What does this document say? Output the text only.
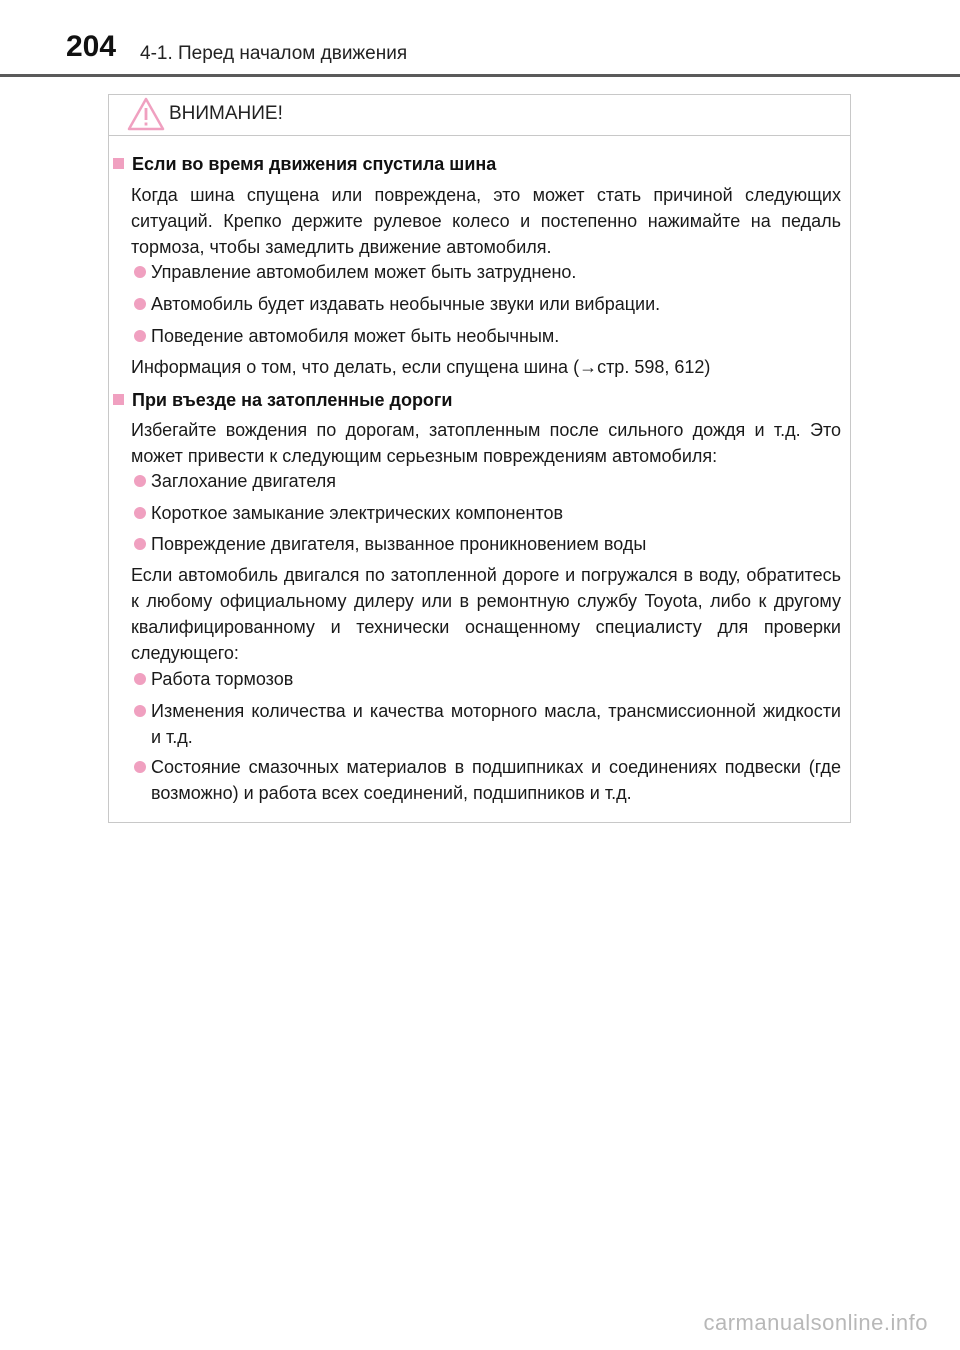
204 4-1. Перед началом движения
ВНИМАНИЕ!
Если во время движения спустила шина
Когда шина спущена или повреждена, это может стать причиной следующих ситуаций. Крепко держите рулевое колесо и постепенно нажимайте на педаль тормоза, чтобы замедлить движение автомобиля.
Управление автомобилем может быть затруднено.
Автомобиль будет издавать необычные звуки или вибрации.
Поведение автомобиля может быть необычным.
Информация о том, что делать, если спущена шина (→стр. 598, 612)
При въезде на затопленные дороги
Избегайте вождения по дорогам, затопленным после сильного дождя и т.д. Это может привести к следующим серьезным повреждениям автомобиля:
Заглохание двигателя
Короткое замыкание электрических компонентов
Повреждение двигателя, вызванное проникновением воды
Если автомобиль двигался по затопленной дороге и погружался в воду, обратитесь к любому официальному дилеру или в ремонтную службу Toyota, либо к другому квалифицированному и технически оснащенному специалисту для проверки следующего:
Работа тормозов
Изменения количества и качества моторного масла, трансмиссионной жидкости и т.д.
Состояние смазочных материалов в подшипниках и соединениях подвески (где возможно) и работа всех соединений, подшипников и т.д.
carmanualsonline.info
